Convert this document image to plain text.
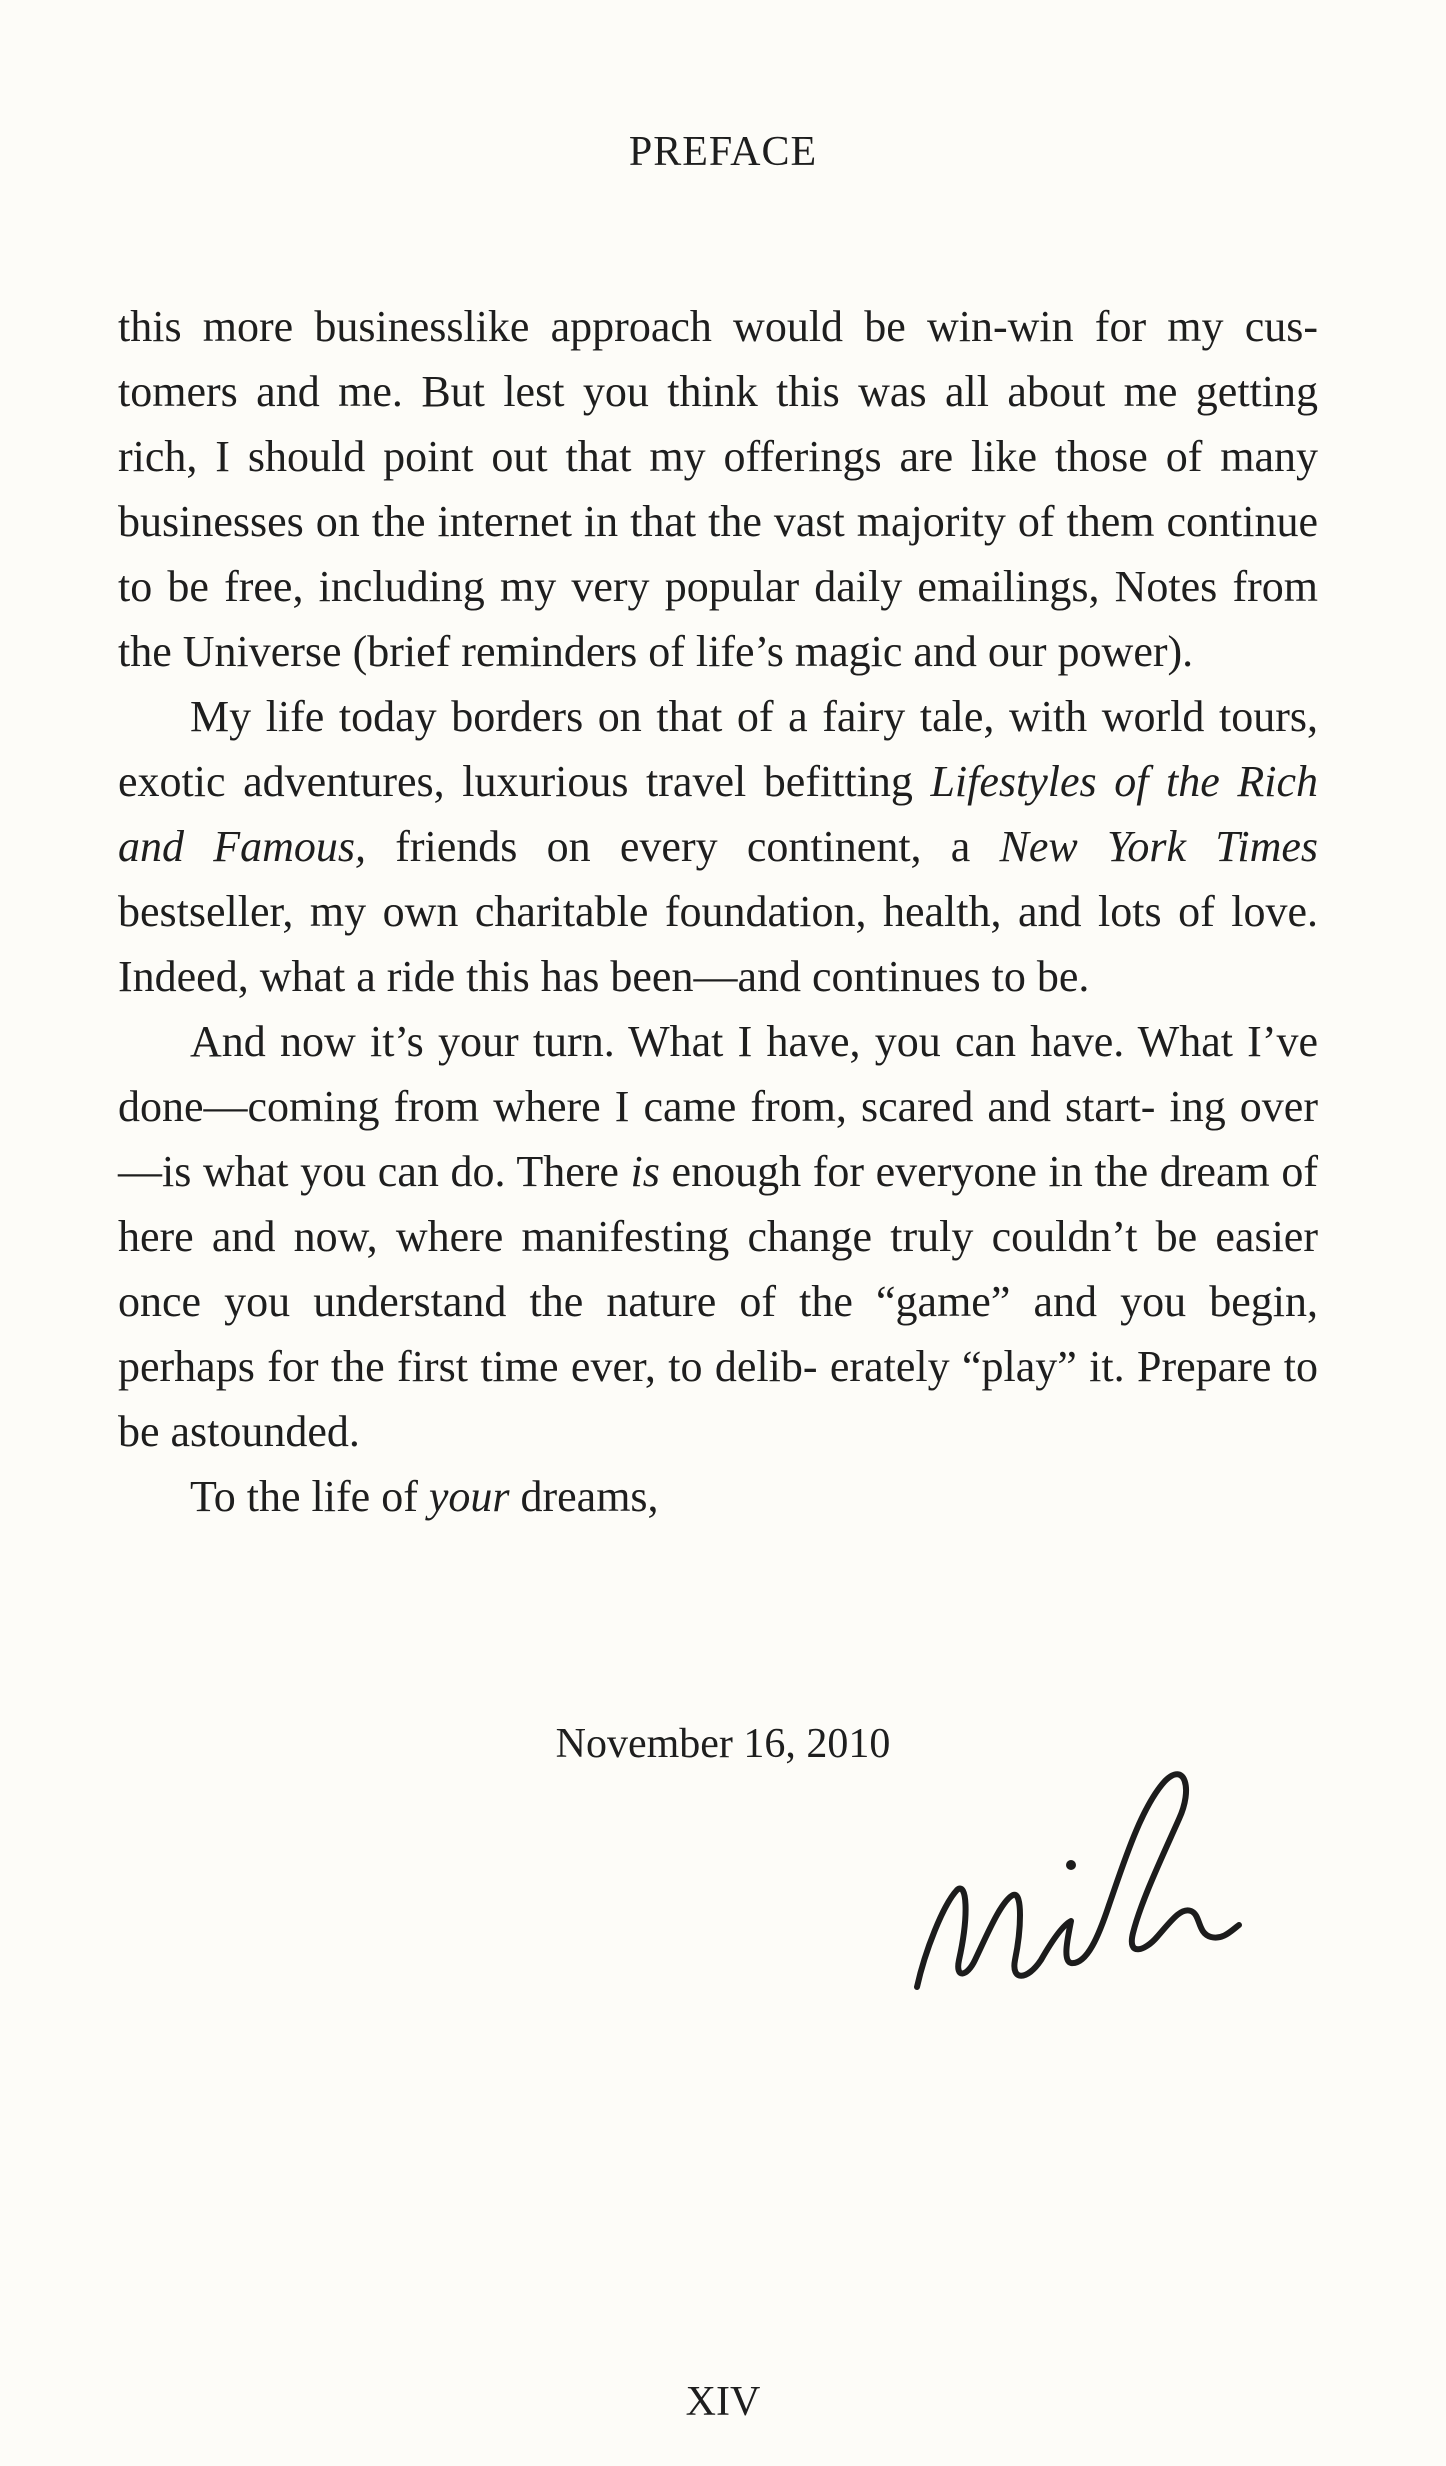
PREFACE

this more businesslike approach would be win-win for my cus- tomers and me. But lest you think this was all about me getting rich, I should point out that my offerings are like those of many businesses on the internet in that the vast majority of them continue to be free, including my very popular daily emailings, Notes from the Universe (brief reminders of life’s magic and our power).

My life today borders on that of a fairy tale, with world tours, exotic adventures, luxurious travel befitting Lifestyles of the Rich and Famous, friends on every continent, a New York Times bestseller, my own charitable foundation, health, and lots of love. Indeed, what a ride this has been—and continues to be.

And now it’s your turn. What I have, you can have. What I’ve done—coming from where I came from, scared and start- ing over—is what you can do. There is enough for everyone in the dream of here and now, where manifesting change truly couldn’t be easier once you understand the nature of the “game” and you begin, perhaps for the first time ever, to delib- erately “play” it. Prepare to be astounded.

To the life of your dreams,

November 16, 2010
XIV
